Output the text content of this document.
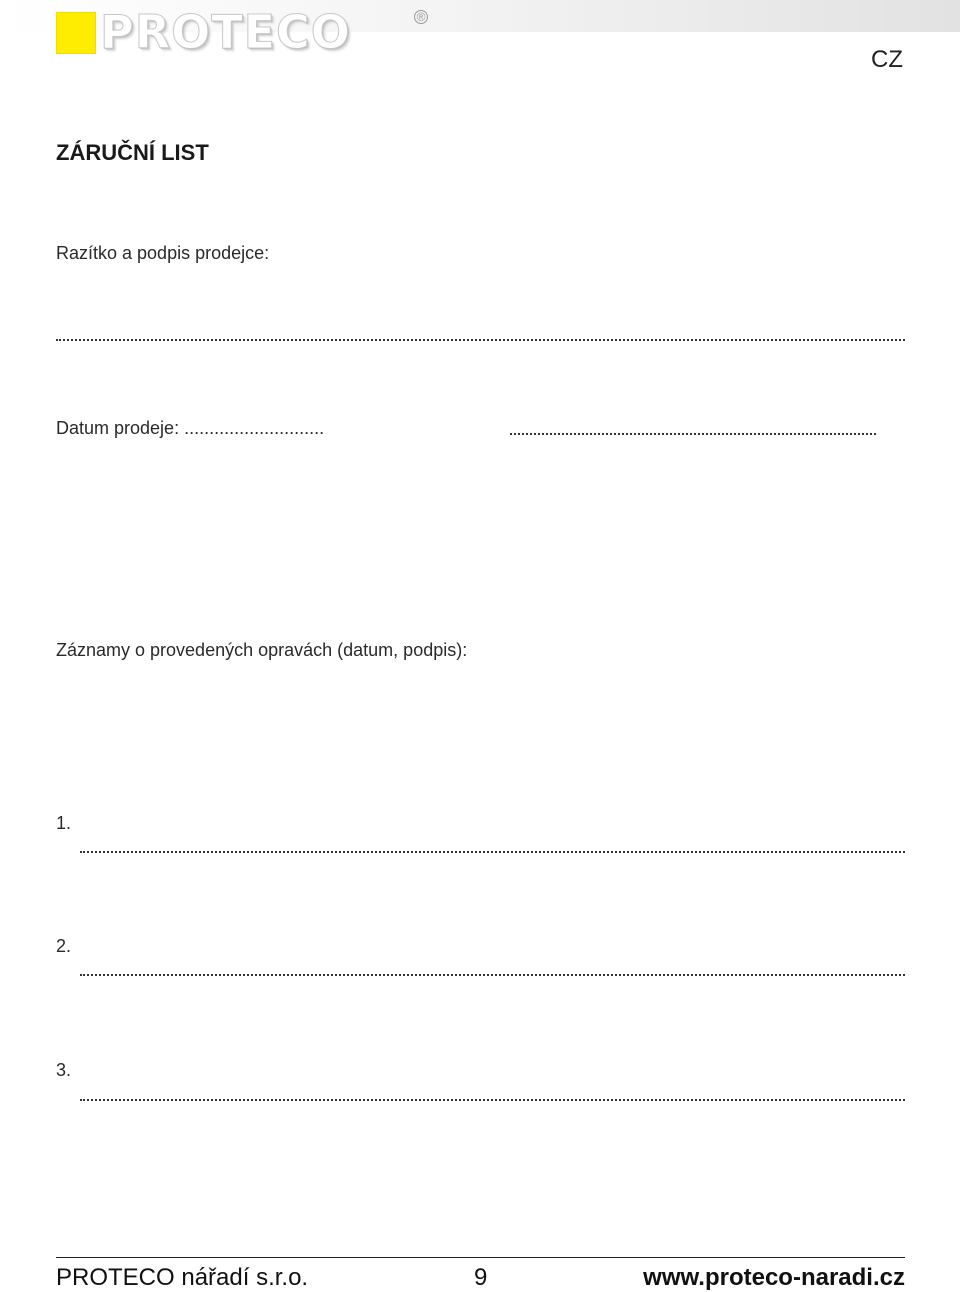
PROTECO	®
CZ
ZÁRUČNÍ LIST
Razítko a podpis prodejce:
Datum prodeje: ............................
Záznamy o provedených opravách (datum, podpis):
1.
2.
3.
PROTECO nářadí s.r.o.	9	www.proteco-naradi.cz
